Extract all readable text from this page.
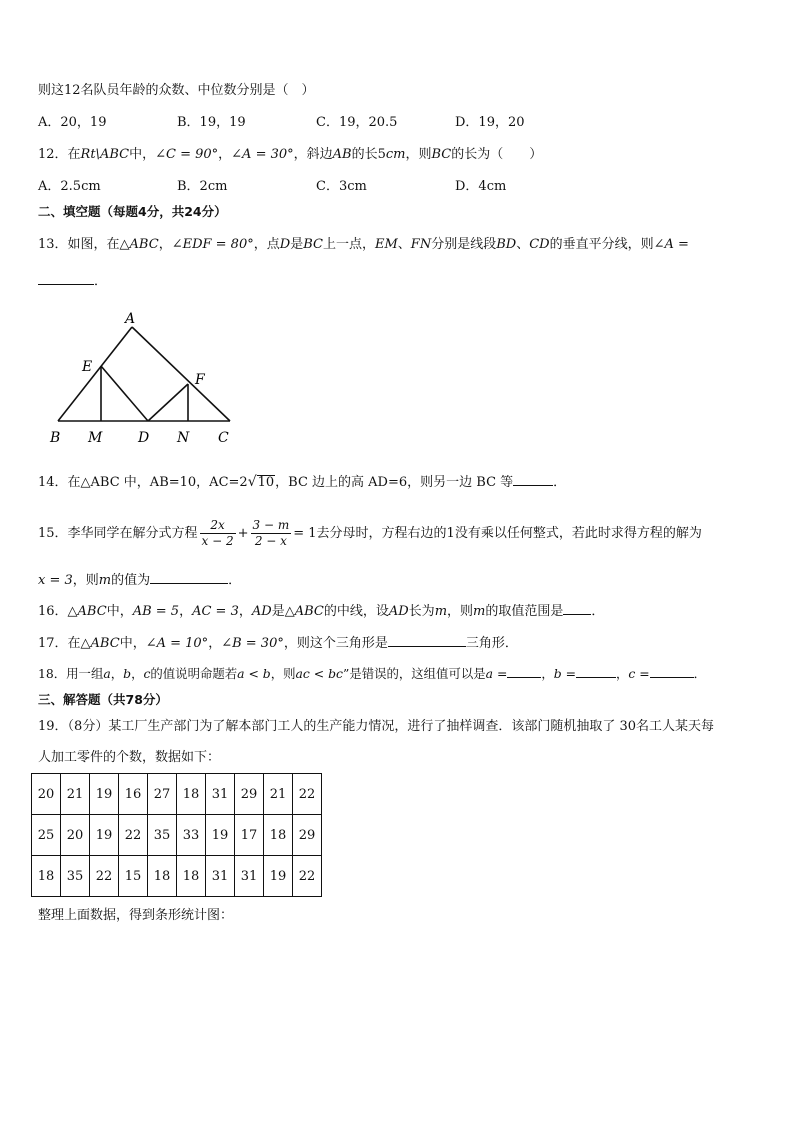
则这12名队员年龄的众数、中位数分别是（　）
A．20，19	B．19，19	C．19，20.5	D．19，20
12．在Rt\ABC中，∠C = 90°，∠A = 30°，斜边AB的长5cm，则BC的长为（　　）
A．2.5cm	B．2cm	C．3cm	D．4cm
二、填空题（每题4分，共24分）
13．如图，在△ABC，∠EDF = 80°，点D是BC上一点，EM、FN分别是线段BD、CD的垂直平分线，则∠A =
．
A
E
F
B M	D N C
14．在△ABC 中，AB=10，AC=2√10，BC 边上的高 AD=6，则另一边 BC 等	．
15．李华同学在解分式方程 $\frac{2x}{x - 2} + \frac{3 - m}{2 - x} = 1$去分母时，方程右边的1没有乘以任何整式，若此时求得方程的解为
x = 3，则m的值为	．
16．△ABC中，AB = 5，AC = 3，AD是△ABC的中线，设AD长为m，则m的取值范围是 ．
17．在△ABC中，∠A = 10°，∠B = 30°，则这个三角形是	三角形．
18．用一组a，b，c的值说明命题若a < b，则ac < bc”是错误的，这组值可以是a =	，b =	，c =	．
三、解答题（共78分）
19．（8分）某工厂生产部门为了解本部门工人的生产能力情况，进行了抽样调查．该部门随机抽取了 30名工人某天每
人加工零件的个数，数据如下：
20	21	19	16	27	18	31	29	21	22
25	20	19	22	35	33	19	17	18	29
18	35	22	15	18	18	31	31	19	22
整理上面数据，得到条形统计图：
